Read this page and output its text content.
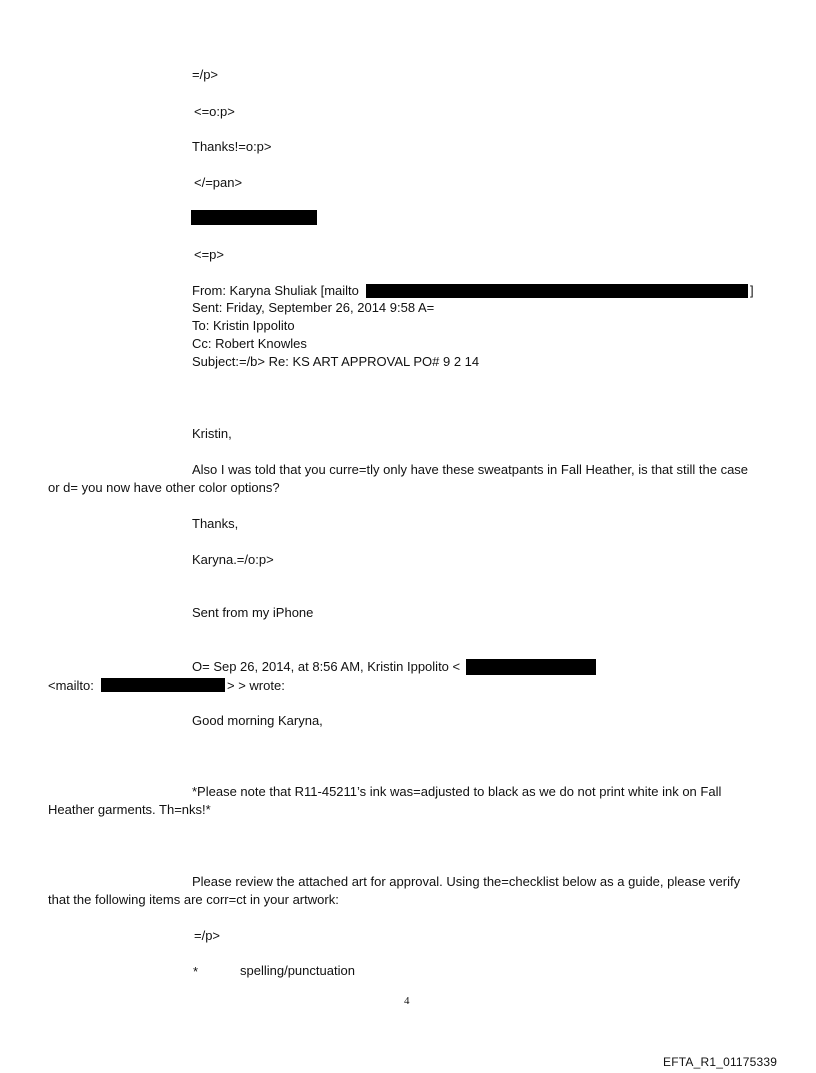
=/p>
<=o:p>
Thanks!=o:p>
</=pan>
<=p>
From: Karyna Shuliak [mailto	]
Sent: Friday, September 26, 2014 9:58 A=
To: Kristin Ippolito
Cc: Robert Knowles
Subject:=/b> Re: KS ART APPROVAL PO# 9 2 14
Kristin,
Also I was told that you curre=tly only have these sweatpants in Fall Heather, is that still the case
or d= you now have other color options?
Thanks,
Karyna.=/o:p>
Sent from my iPhone
O= Sep 26, 2014, at 8:56 AM, Kristin Ippolito <
<mailto:	> > wrote:
Good morning Karyna,
*Please note that R11-45211’s ink was=adjusted to black as we do not print white ink on Fall
Heather garments. Th=nks!*
Please review the attached art for approval. Using the=checklist below as a guide, please verify
that the following items are corr=ct in your artwork:
=/p>
*	spelling/punctuation
4
EFTA_R1_01175339
